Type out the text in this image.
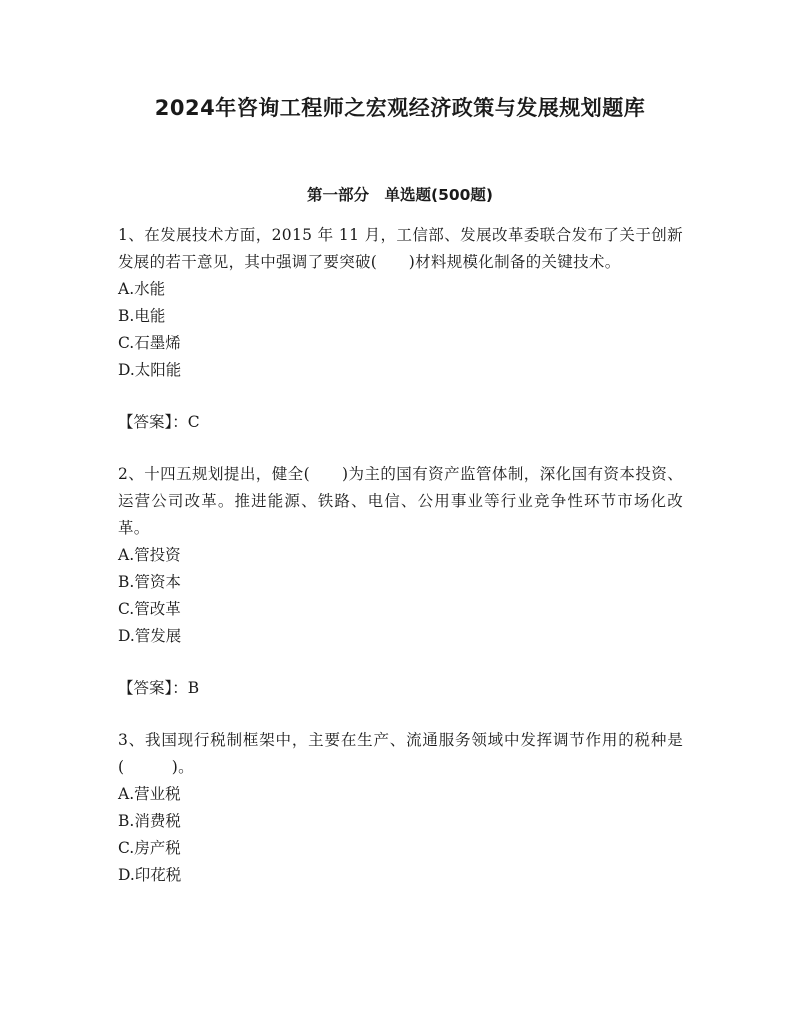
2024年咨询工程师之宏观经济政策与发展规划题库
第一部分　单选题(500题)

1、在发展技术方面，2015 年 11 月，工信部、发展改革委联合发布了关于创新发展的若干意见，其中强调了要突破(　　)材料规模化制备的关键技术。

A.水能

B.电能

C.石墨烯

D.太阳能

【答案】：C

2、十四五规划提出，健全(　　)为主的国有资产监管体制，深化国有资本投资、运营公司改革。推进能源、铁路、电信、公用事业等行业竞争性环节市场化改革。

A.管投资

B.管资本

C.管改革

D.管发展

【答案】：B

3、我国现行税制框架中，主要在生产、流通服务领域中发挥调节作用的税种是(　　　)。

A.营业税

B.消费税

C.房产税

D.印花税
